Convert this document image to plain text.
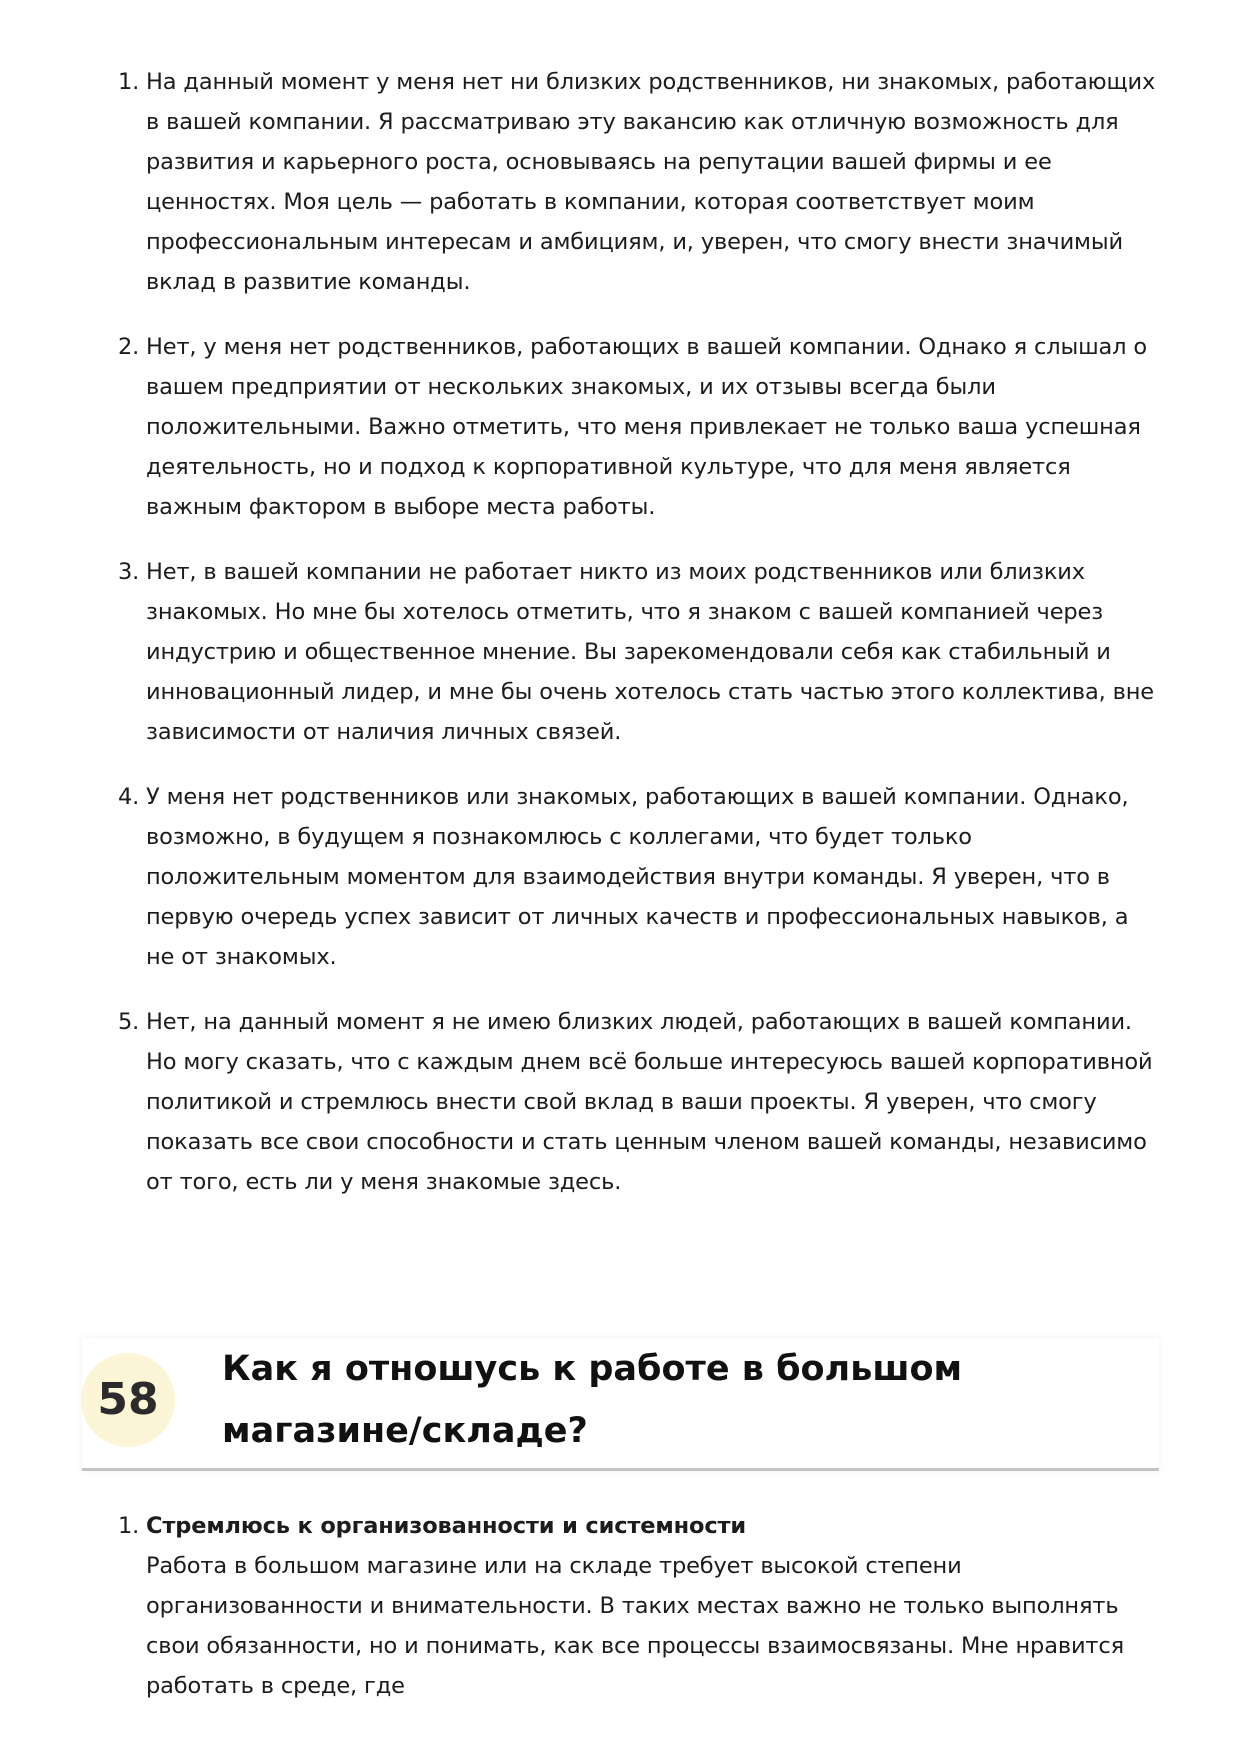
1. На данный момент у меня нет ни близких родственников, ни знакомых, работающих в вашей компании. Я рассматриваю эту вакансию как отличную возможность для развития и карьерного роста, основываясь на репутации вашей фирмы и ее ценностях. Моя цель — работать в компании, которая соответствует моим профессиональным интересам и амбициям, и, уверен, что смогу внести значимый вклад в развитие команды.
2. Нет, у меня нет родственников, работающих в вашей компании. Однако я слышал о вашем предприятии от нескольких знакомых, и их отзывы всегда были положительными. Важно отметить, что меня привлекает не только ваша успешная деятельность, но и подход к корпоративной культуре, что для меня является важным фактором в выборе места работы.
3. Нет, в вашей компании не работает никто из моих родственников или близких знакомых. Но мне бы хотелось отметить, что я знаком с вашей компанией через индустрию и общественное мнение. Вы зарекомендовали себя как стабильный и инновационный лидер, и мне бы очень хотелось стать частью этого коллектива, вне зависимости от наличия личных связей.
4. У меня нет родственников или знакомых, работающих в вашей компании. Однако, возможно, в будущем я познакомлюсь с коллегами, что будет только положительным моментом для взаимодействия внутри команды. Я уверен, что в первую очередь успех зависит от личных качеств и профессиональных навыков, а не от знакомых.
5. Нет, на данный момент я не имею близких людей, работающих в вашей компании. Но могу сказать, что с каждым днем всё больше интересуюсь вашей корпоративной политикой и стремлюсь внести свой вклад в ваши проекты. Я уверен, что смогу показать все свои способности и стать ценным членом вашей команды, независимо от того, есть ли у меня знакомые здесь.
58
Как я отношусь к работе в большом магазине/складе?
1. Стремлюсь к организованности и системности
Работа в большом магазине или на складе требует высокой степени организованности и внимательности. В таких местах важно не только выполнять свои обязанности, но и понимать, как все процессы взаимосвязаны. Мне нравится работать в среде, где
